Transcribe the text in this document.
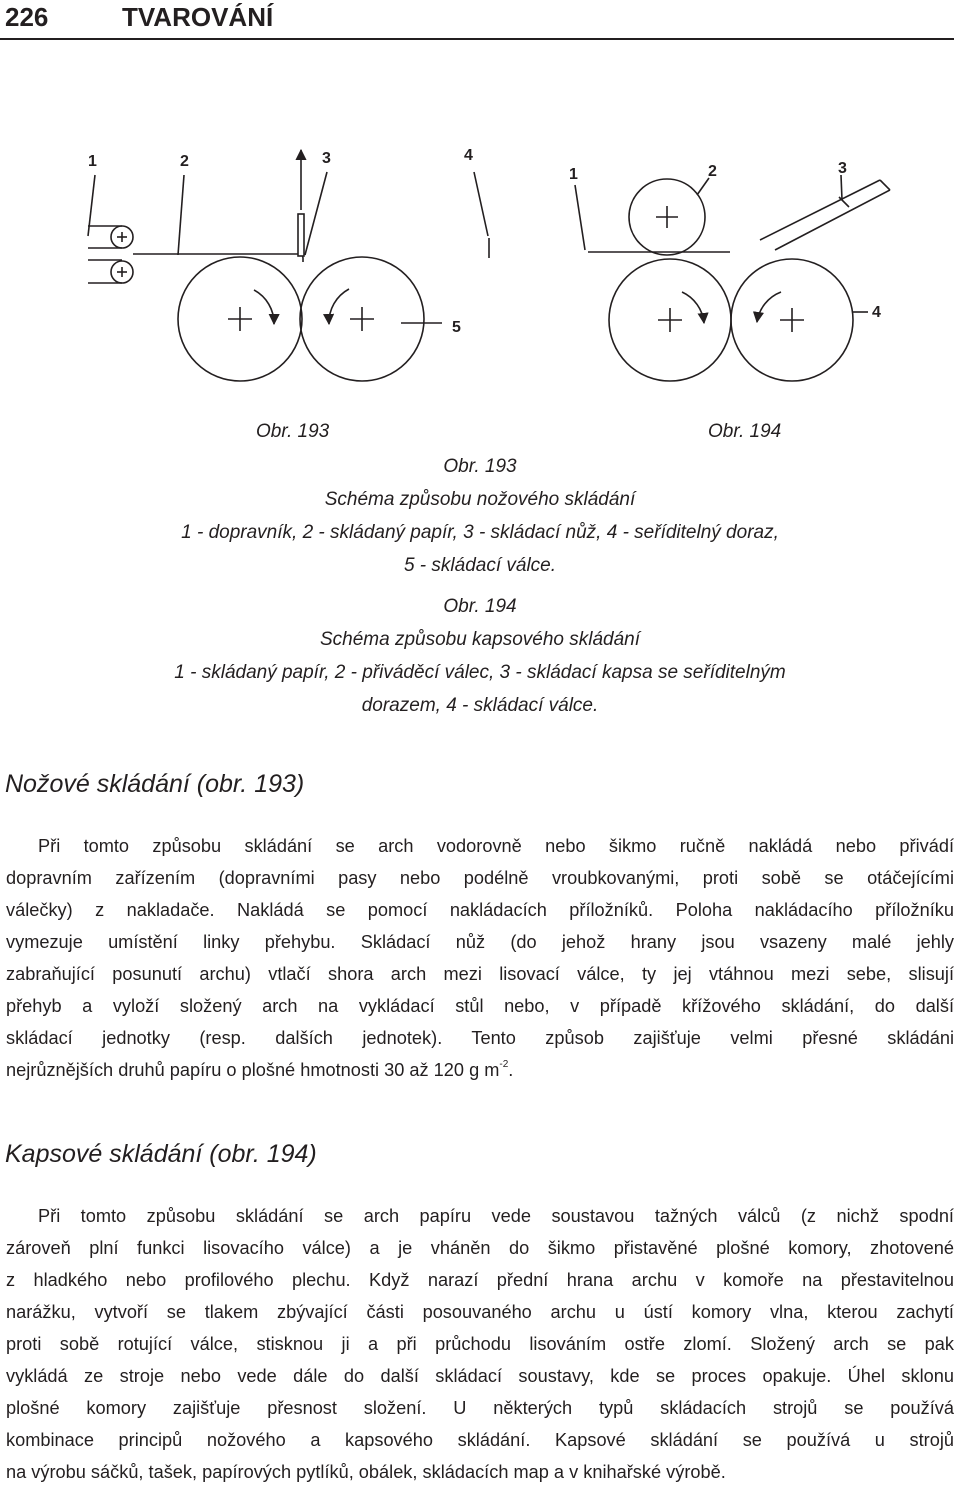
226	TVAROVÁNÍ
1	2	3	4
5
1	2	3
4
Obr. 193	Obr. 194
Obr. 193
Schéma způsobu nožového skládání
1 - dopravník, 2 - skládaný papír, 3 - skládací nůž, 4 - seříditelný doraz,
5 - skládací válce.
Obr. 194
Schéma způsobu kapsového skládání
1 - skládaný papír, 2 - přiváděcí válec, 3 - skládací kapsa se seříditelným
dorazem, 4 - skládací válce.
Nožové skládání (obr. 193)
Při tomto způsobu skládání se arch vodorovně nebo šikmo ručně nakládá nebo přivádí
dopravním zařízením (dopravními pasy nebo podélně vroubkovanými, proti sobě se otáčejícími
válečky) z nakladače. Nakládá se pomocí nakládacích příložníků. Poloha nakládacího příložníku
vymezuje umístění linky přehybu. Skládací nůž (do jehož hrany jsou vsazeny malé jehly
zabraňující posunutí archu) vtlačí shora arch mezi lisovací válce, ty jej vtáhnou mezi sebe, slisují
přehyb a vyloží složený arch na vykládací stůl nebo, v případě křížového skládání, do další
skládací jednotky (resp. dalších jednotek). Tento způsob zajišťuje velmi přesné skládáni
nejrůznějších druhů papíru o plošné hmotnosti 30 až 120 g $m^{-2}$.
Kapsové skládání (obr. 194)
Při tomto způsobu skládání se arch papíru vede soustavou tažných válců (z nichž spodní
zároveň plní funkci lisovacího válce) a je vháněn do šikmo přistavěné plošné komory, zhotovené
z hladkého nebo profilového plechu. Když narazí přední hrana archu v komoře na přestavitelnou
narážku, vytvoří se tlakem zbývající části posouvaného archu u ústí komory vlna, kterou zachytí
proti sobě rotující válce, stisknou ji a při průchodu lisováním ostře zlomí. Složený arch se pak
vykládá ze stroje nebo vede dále do další skládací soustavy, kde se proces opakuje. Úhel sklonu
plošné komory zajišťuje přesnost složení. U některých typů skládacích strojů se používá
kombinace principů nožového a kapsového skládání. Kapsové skládání se používá u strojů
na výrobu sáčků, tašek, papírových pytlíků, obálek, skládacích map a v knihařské výrobě.
